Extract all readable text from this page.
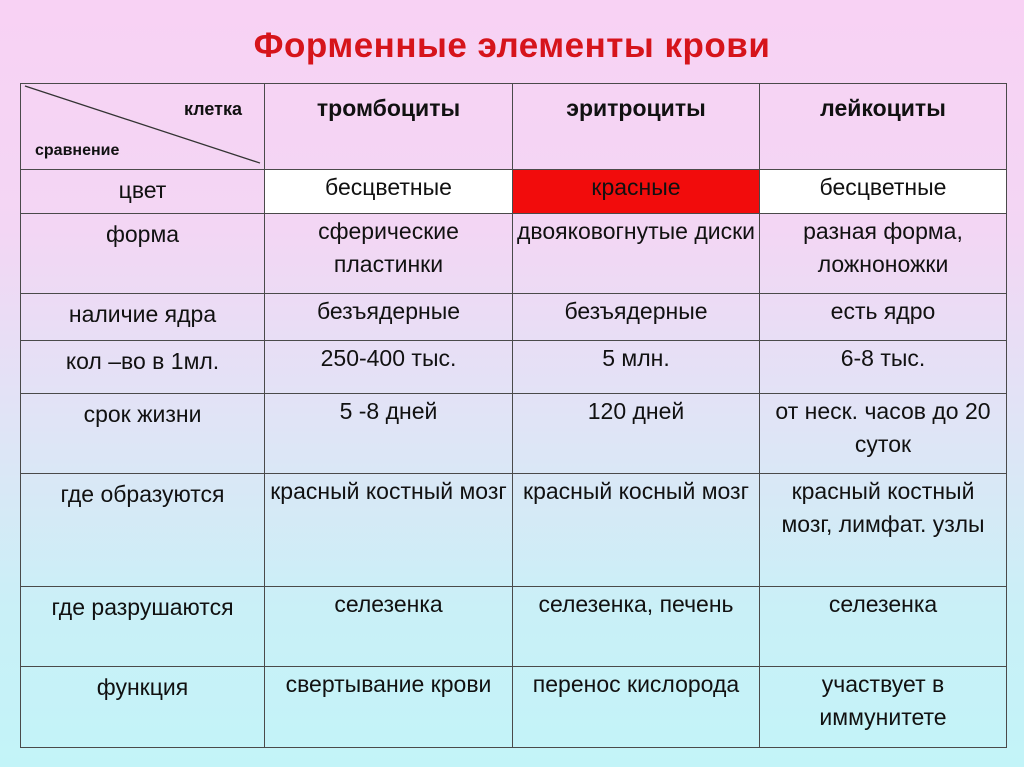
Форменные элементы крови
клетка
сравнение	тромбоциты	эритроциты	лейкоциты
цвет	бесцветные	красные	бесцветные
форма	сферические пластинки	двояковогнутые диски	разная форма, ложноножки
наличие ядра	безъядерные	безъядерные	есть ядро
кол –во в 1мл.	250-400 тыс.	5 млн.	6-8 тыс.
срок жизни	5 -8 дней	120 дней	от неск. часов до 20 суток
где образуются	красный костный мозг	красный косный мозг	красный костный мозг, лимфат. узлы
где разрушаются	селезенка	селезенка, печень	селезенка
функция	свертывание крови	перенос кислорода	участвует в иммунитете
